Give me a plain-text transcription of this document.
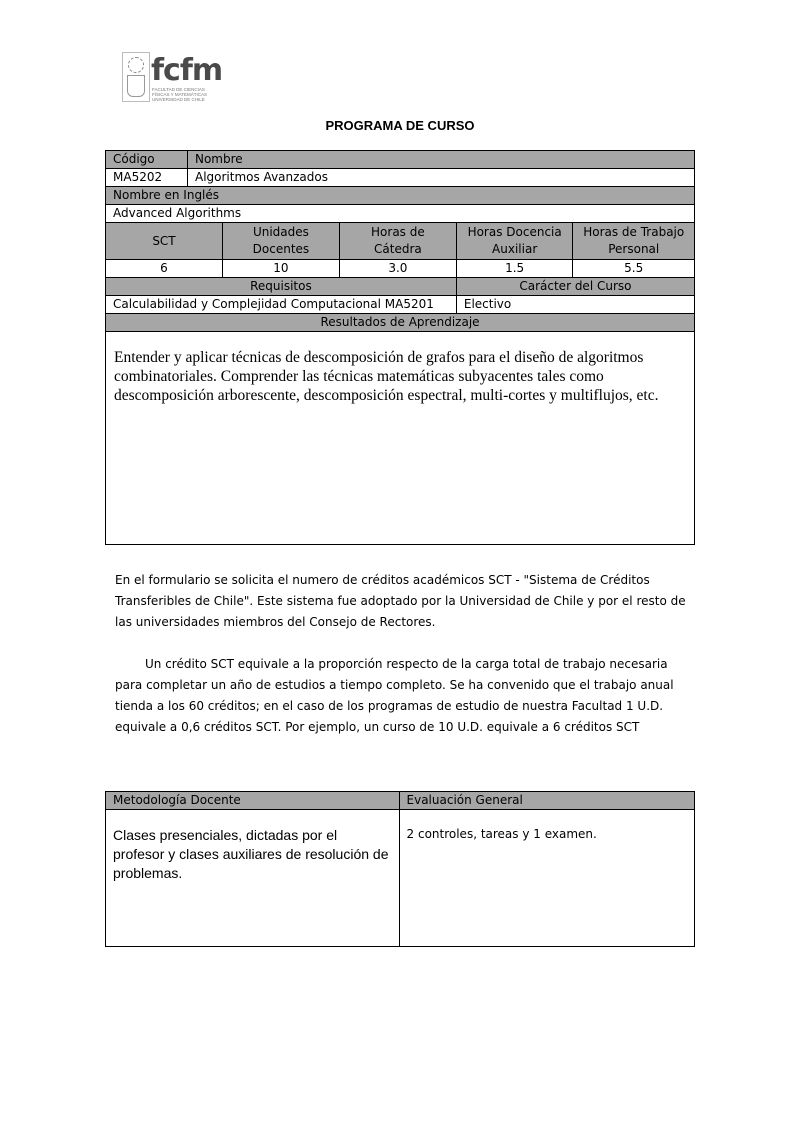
fcfm
FACULTAD DE CIENCIAS FÍSICAS Y MATEMÁTICAS UNIVERSIDAD DE CHILE
PROGRAMA DE CURSO
Código	Nombre				
MA5202	Algoritmos Avanzados				
Nombre en Inglés					
Advanced Algorithms					
SCT		Unidades Docentes	Horas de Cátedra	Horas Docencia Auxiliar	Horas de Trabajo Personal
6		10	3.0	1.5	5.5
Requisitos				Carácter del Curso	
Calculabilidad y Complejidad Computacional MA5201				Electivo	
Resultados de Aprendizaje					
Entender y aplicar técnicas de descomposición de grafos para el diseño de algoritmos combinatoriales. Comprender las técnicas matemáticas subyacentes tales como descomposición arborescente, descomposición espectral, multi-cortes y multiflujos, etc.					
En el formulario se solicita el numero de créditos académicos SCT - "Sistema de Créditos Transferibles de Chile". Este sistema fue adoptado por la Universidad de Chile y por el resto de las universidades miembros del Consejo de Rectores.
Un crédito SCT equivale a la proporción respecto de la carga total de trabajo necesaria para completar un año de estudios a tiempo completo. Se ha convenido que el trabajo anual tienda a los 60 créditos; en el caso de los programas de estudio de nuestra Facultad 1 U.D. equivale a 0,6 créditos SCT. Por ejemplo, un curso de 10 U.D. equivale a 6 créditos SCT
Metodología Docente	Evaluación General
Clases presenciales, dictadas por el profesor y clases auxiliares de resolución de problemas.	2 controles, tareas y 1 examen.
